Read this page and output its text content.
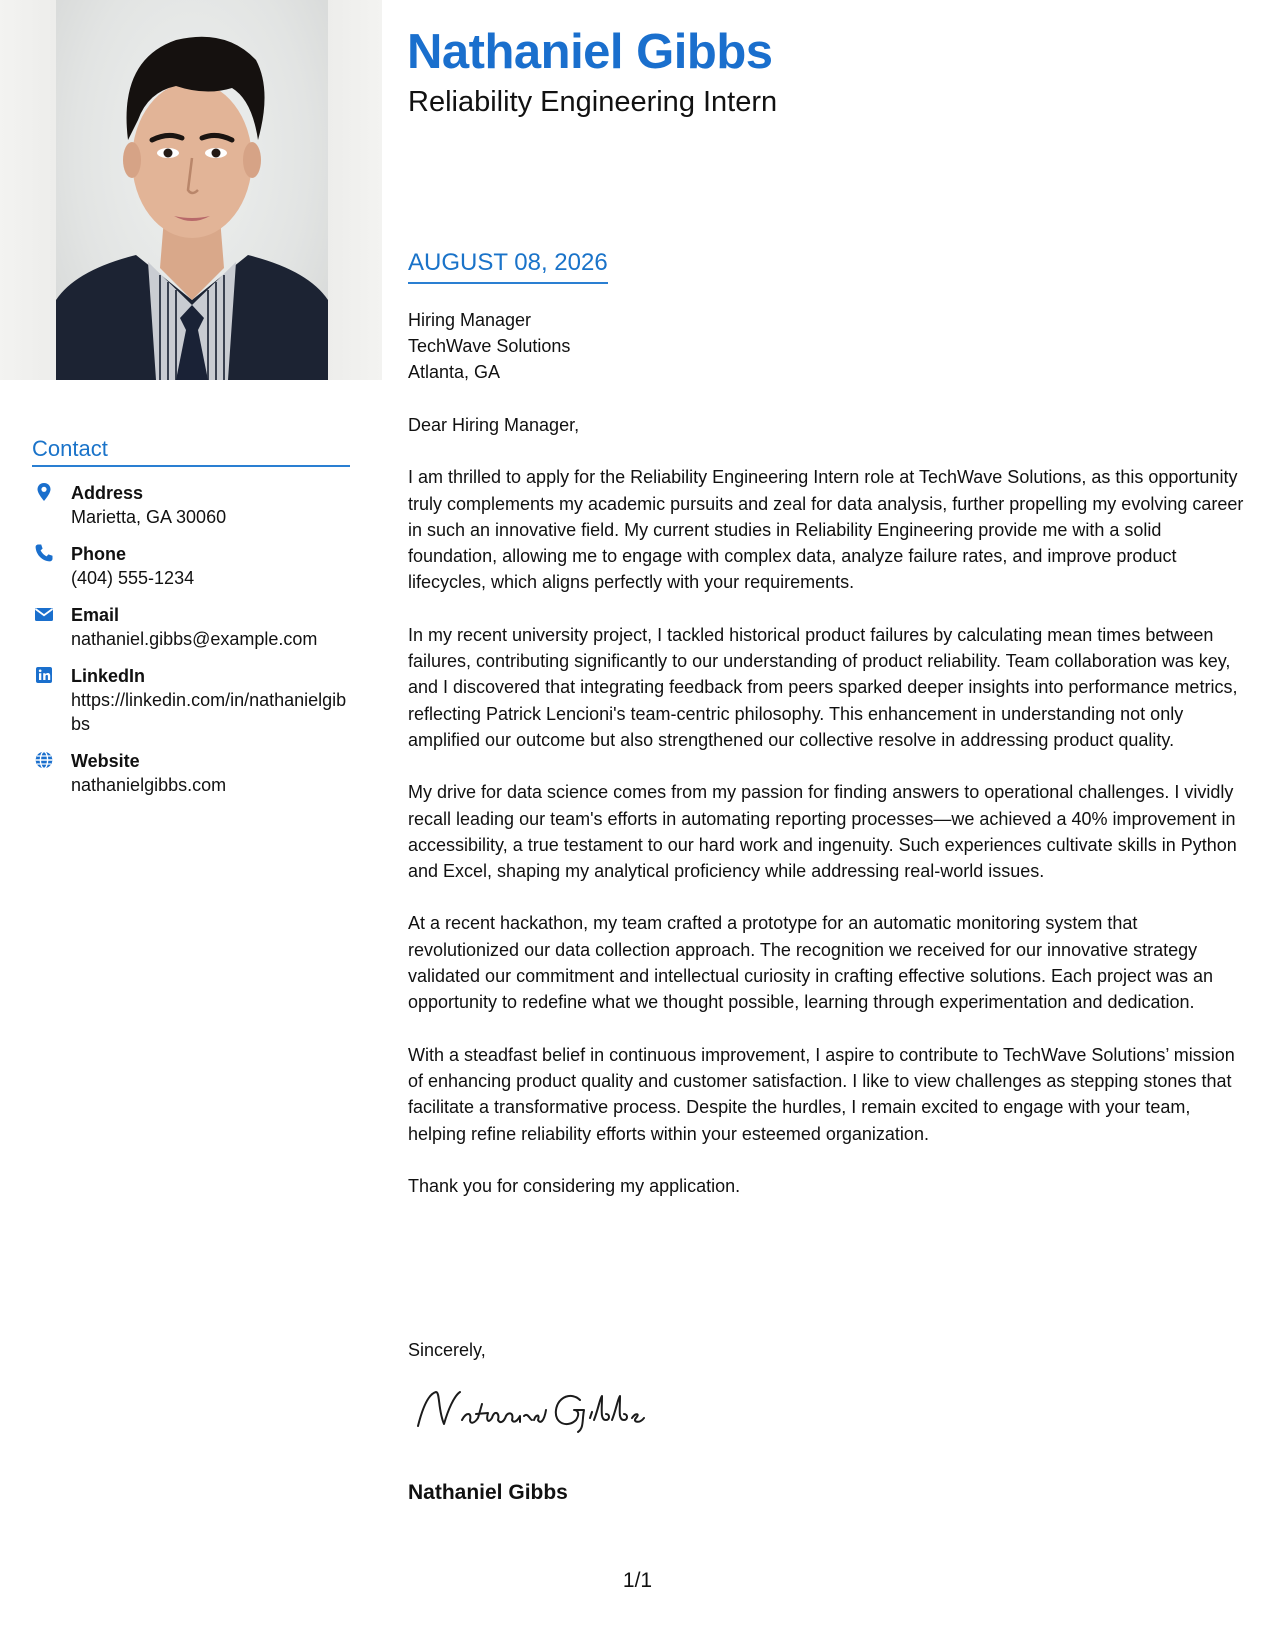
Contact
Address
Marietta, GA 30060
Phone
(404) 555-1234
Email
nathaniel.gibbs@example.com
LinkedIn
https://linkedin.com/in/nathanielgibbs
Website
nathanielgibbs.com
Nathaniel Gibbs
Reliability Engineering Intern
AUGUST 08, 2026
Hiring Manager
TechWave Solutions
Atlanta, GA

Dear Hiring Manager,

I am thrilled to apply for the Reliability Engineering Intern role at TechWave Solutions, as this opportunity truly complements my academic pursuits and zeal for data analysis, further propelling my evolving career in such an innovative field. My current studies in Reliability Engineering provide me with a solid foundation, allowing me to engage with complex data, analyze failure rates, and improve product lifecycles, which aligns perfectly with your requirements.

In my recent university project, I tackled historical product failures by calculating mean times between failures, contributing significantly to our understanding of product reliability. Team collaboration was key, and I discovered that integrating feedback from peers sparked deeper insights into performance metrics, reflecting Patrick Lencioni's team-centric philosophy. This enhancement in understanding not only amplified our outcome but also strengthened our collective resolve in addressing product quality.

My drive for data science comes from my passion for finding answers to operational challenges. I vividly recall leading our team's efforts in automating reporting processes—we achieved a 40% improvement in accessibility, a true testament to our hard work and ingenuity. Such experiences cultivate skills in Python and Excel, shaping my analytical proficiency while addressing real-world issues.

At a recent hackathon, my team crafted a prototype for an automatic monitoring system that revolutionized our data collection approach. The recognition we received for our innovative strategy validated our commitment and intellectual curiosity in crafting effective solutions. Each project was an opportunity to redefine what we thought possible, learning through experimentation and dedication.

With a steadfast belief in continuous improvement, I aspire to contribute to TechWave Solutions’ mission of enhancing product quality and customer satisfaction. I like to view challenges as stepping stones that facilitate a transformative process. Despite the hurdles, I remain excited to engage with your team, helping refine reliability efforts within your esteemed organization.

Thank you for considering my application.

Sincerely,
Nathaniel Gibbs
1/1
